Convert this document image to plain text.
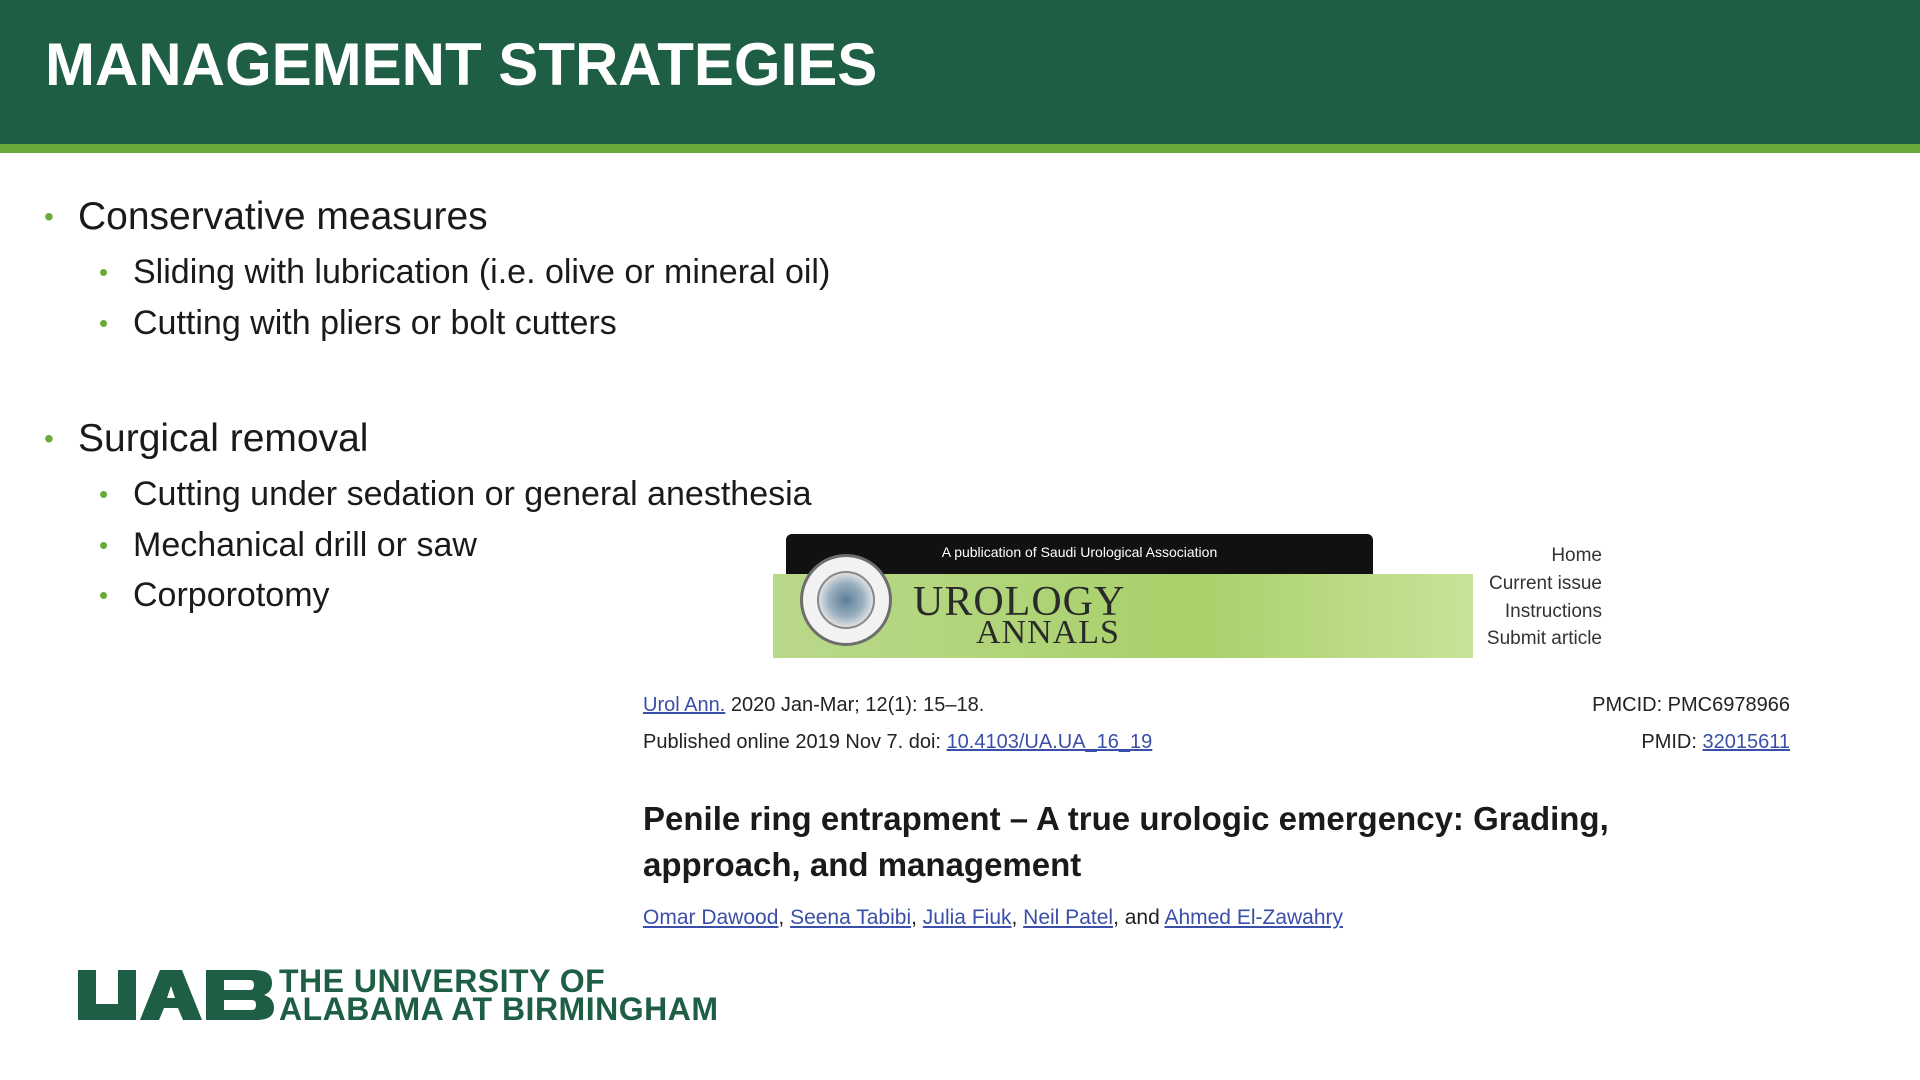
MANAGEMENT STRATEGIES
• Conservative measures
• Sliding with lubrication (i.e. olive or mineral oil)
• Cutting with pliers or bolt cutters
• Surgical removal
• Cutting under sedation or general anesthesia
• Mechanical drill or saw
• Corporotomy
A publication of Saudi Urological Association
UROLOGY
ANNALS
Home
Current issue
Instructions
Submit article
Urol Ann. 2020 Jan-Mar; 12(1): 15–18.
Published online 2019 Nov 7. doi: 10.4103/UA.UA_16_19
PMCID: PMC6978966
PMID: 32015611
Penile ring entrapment – A true urologic emergency: Grading,
approach, and management
Omar Dawood, Seena Tabibi, Julia Fiuk, Neil Patel, and Ahmed El-Zawahry
THE UNIVERSITY OF
ALABAMA AT BIRMINGHAM
